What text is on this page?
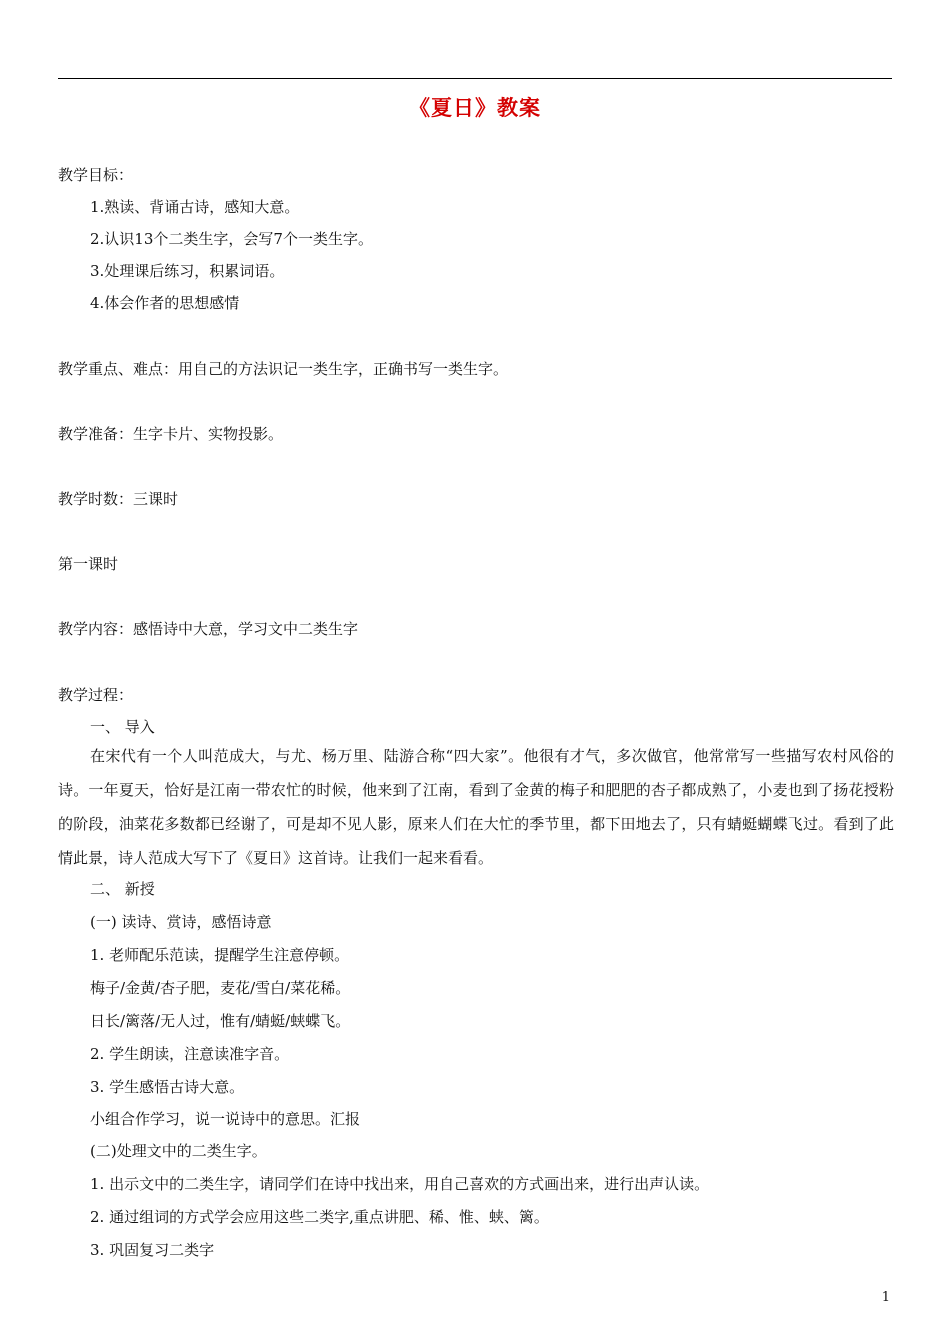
《夏日》教案
教学目标：
1.熟读、背诵古诗，感知大意。
2.认识13个二类生字，会写7个一类生字。
3.处理课后练习，积累词语。
4.体会作者的思想感情
教学重点、难点：用自己的方法识记一类生字，正确书写一类生字。
教学准备：生字卡片、实物投影。
教学时数：三课时
第一课时
教学内容：感悟诗中大意，学习文中二类生字
教学过程：
一、 导入
在宋代有一个人叫范成大，与尤、杨万里、陆游合称“四大家”。他很有才气，多次做官，他常常写一些描写农村风俗的诗。一年夏天，恰好是江南一带农忙的时候，他来到了江南，看到了金黄的梅子和肥肥的杏子都成熟了，小麦也到了扬花授粉的阶段，油菜花多数都已经谢了，可是却不见人影，原来人们在大忙的季节里，都下田地去了，只有蜻蜓蝴蝶飞过。看到了此情此景，诗人范成大写下了《夏日》这首诗。让我们一起来看看。
二、 新授
(一) 读诗、赏诗，感悟诗意
1. 老师配乐范读，提醒学生注意停顿。
梅子/金黄/杏子肥，麦花/雪白/菜花稀。
日长/篱落/无人过，惟有/蜻蜓/蛱蝶飞。
2. 学生朗读，注意读准字音。
3. 学生感悟古诗大意。
小组合作学习，说一说诗中的意思。汇报
(二)处理文中的二类生字。
1. 出示文中的二类生字，请同学们在诗中找出来，用自己喜欢的方式画出来，进行出声认读。
2. 通过组词的方式学会应用这些二类字,重点讲肥、稀、惟、蛱、篱。
3. 巩固复习二类字
1
